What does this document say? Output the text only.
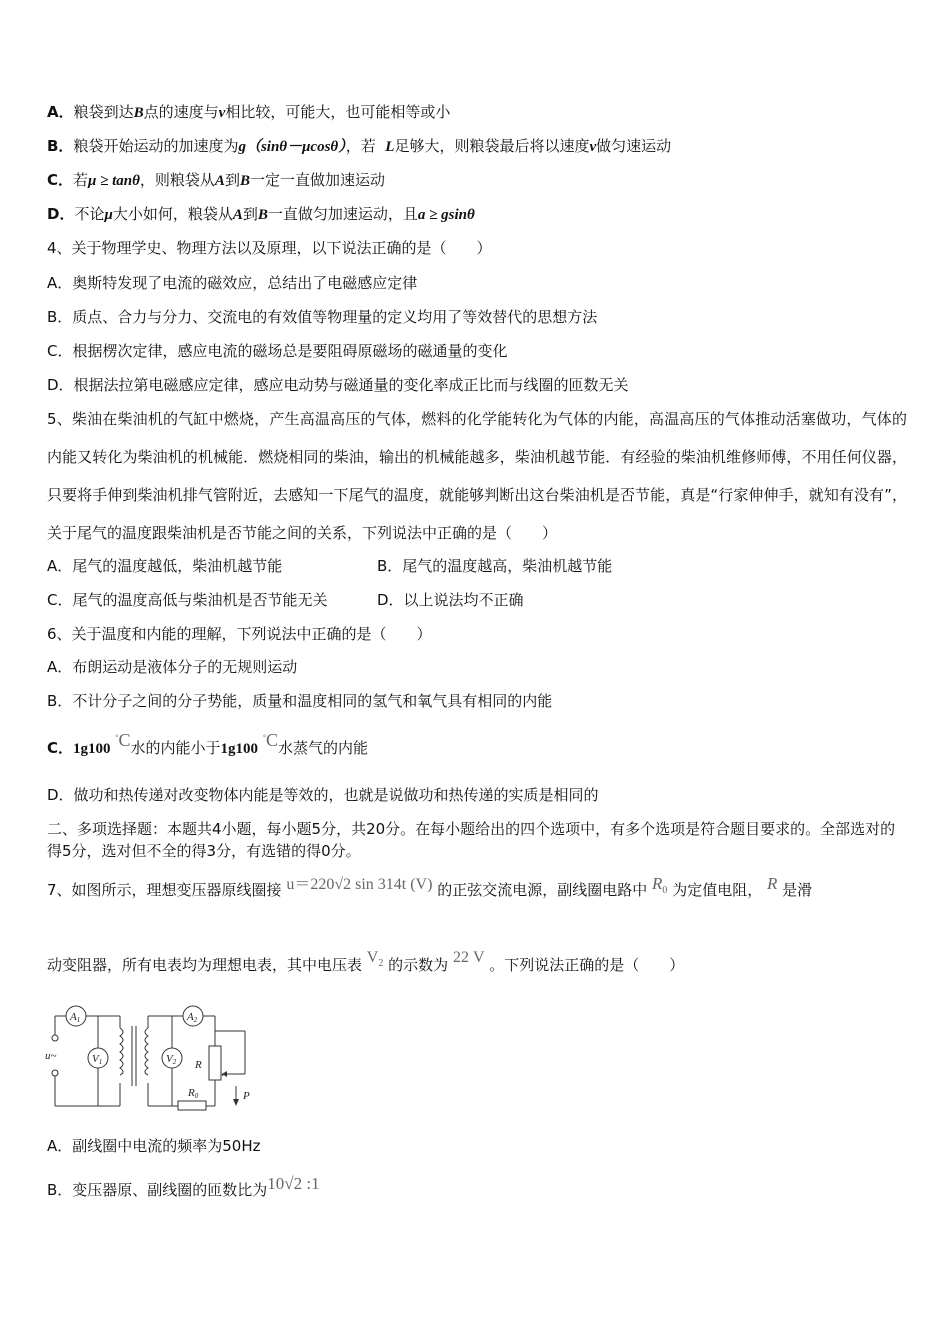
A．粮袋到达B点的速度与v相比较，可能大，也可能相等或小
B．粮袋开始运动的加速度为g（sinθ－μcosθ），若 L足够大，则粮袋最后将以速度v做匀速运动
C．若μ ≥ tanθ，则粮袋从A到B一定一直做加速运动
D．不论μ大小如何，粮袋从A到B一直做匀加速运动，且a ≥ gsinθ
4、关于物理学史、物理方法以及原理，以下说法正确的是（　　）
A．奥斯特发现了电流的磁效应，总结出了电磁感应定律
B．质点、合力与分力、交流电的有效值等物理量的定义均用了等效替代的思想方法
C．根据楞次定律，感应电流的磁场总是要阻碍原磁场的磁通量的变化
D．根据法拉第电磁感应定律，感应电动势与磁通量的变化率成正比而与线圈的匝数无关
5、柴油在柴油机的气缸中燃烧，产生高温高压的气体，燃料的化学能转化为气体的内能，高温高压的气体推动活塞做功，气体的内能又转化为柴油机的机械能．燃烧相同的柴油，输出的机械能越多，柴油机越节能．有经验的柴油机维修师傅，不用任何仪器，只要将手伸到柴油机排气管附近，去感知一下尾气的温度，就能够判断出这台柴油机是否节能，真是“行家伸伸手，就知有没有”，关于尾气的温度跟柴油机是否节能之间的关系，下列说法中正确的是（　　）
A．尾气的温度越低，柴油机越节能	B．尾气的温度越高，柴油机越节能
C．尾气的温度高低与柴油机是否节能无关	D．以上说法均不正确
6、关于温度和内能的理解，下列说法中正确的是（　　）
A．布朗运动是液体分子的无规则运动
B．不计分子之间的分子势能，质量和温度相同的氢气和氧气具有相同的内能
C．1g100 °C水的内能小于1g100 °C水蒸气的内能
D．做功和热传递对改变物体内能是等效的，也就是说做功和热传递的实质是相同的
二、多项选择题：本题共4小题，每小题5分，共20分。在每小题给出的四个选项中，有多个选项是符合题目要求的。全部选对的得5分，选对但不全的得3分，有选错的得0分。
7、如图所示，理想变压器原线圈接 u＝220√2 sin 314t (V) 的正弦交流电源，副线圈电路中 R0 为定值电阻， R 是滑
动变阻器，所有电表均为理想电表，其中电压表 $V^2$ 的示数为 22 V 。下列说法正确的是（　　）
A1	A2
V1	V2
u~
R
R0	P
A．副线圈中电流的频率为50Hz
B．变压器原、副线圈的匝数比为10√2 :1
